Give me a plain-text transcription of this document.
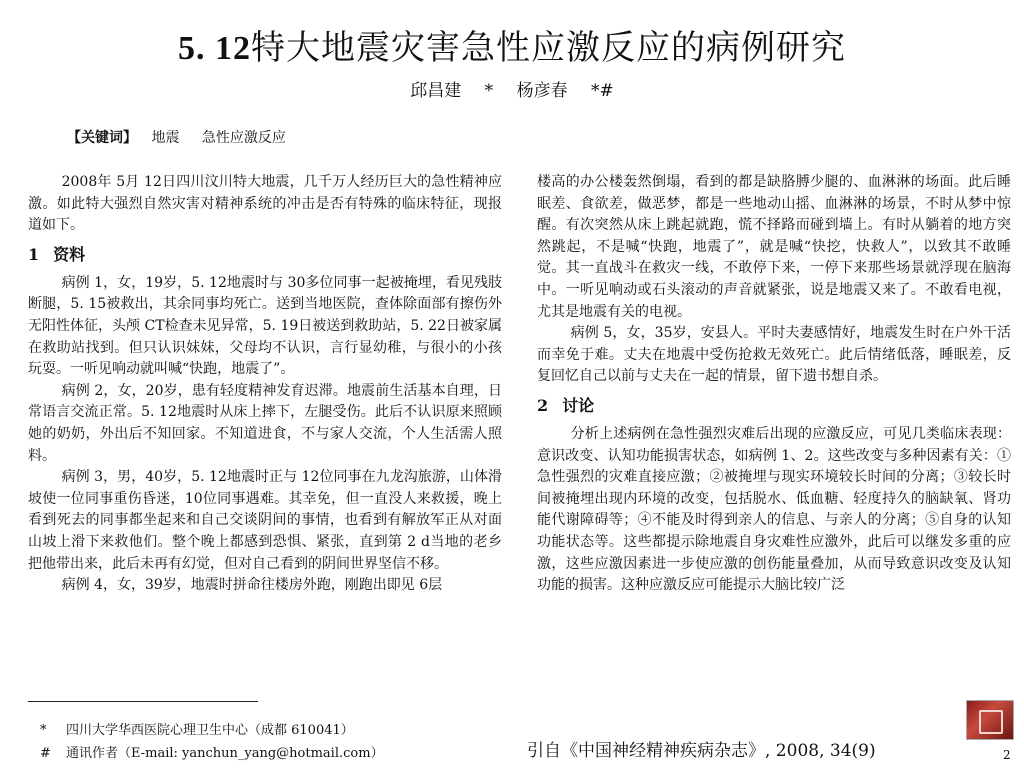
5. 12特大地震灾害急性应激反应的病例研究
邱昌建 * 杨彦春 *#
【关键词】 地震 急性应激反应

2008年 5月 12日四川汶川特大地震，几千万人经历巨大的急性精神应激。如此特大强烈自然灾害对精神系统的冲击是否有特殊的临床特征，现报道如下。

1 资料

病例 1，女，19岁，5. 12地震时与 30多位同事一起被掩埋，看见残肢断腿，5. 15被救出，其余同事均死亡。送到当地医院，查体除面部有擦伤外无阳性体征，头颅 CT检查未见异常，5. 19日被送到救助站，5. 22日被家属在救助站找到。但只认识妹妹，父母均不认识，言行显幼稚，与很小的小孩玩耍。一听见响动就叫喊“快跑，地震了”。

病例 2，女，20岁，患有轻度精神发育迟滞。地震前生活基本自理，日常语言交流正常。5. 12地震时从床上摔下，左腿受伤。此后不认识原来照顾她的奶奶，外出后不知回家。不知道进食，不与家人交流，个人生活需人照料。

病例 3，男，40岁，5. 12地震时正与 12位同事在九龙沟旅游，山体滑坡使一位同事重伤昏迷，10位同事遇难。其幸免，但一直没人来救援，晚上看到死去的同事都坐起来和自己交谈阴间的事情，也看到有解放军正从对面山坡上滑下来救他们。整个晚上都感到恐惧、紧张，直到第 2 d当地的老乡把他带出来，此后未再有幻觉，但对自己看到的阴间世界坚信不移。

病例 4，女，39岁，地震时拼命往楼房外跑，刚跑出即见 6层

楼高的办公楼轰然倒塌，看到的都是缺胳膊少腿的、血淋淋的场面。此后睡眠差、食欲差，做恶梦，都是一些地动山摇、血淋淋的场景，不时从梦中惊醒。有次突然从床上跳起就跑，慌不择路而碰到墙上。有时从躺着的地方突然跳起，不是喊“快跑，地震了”，就是喊“快挖，快救人”，以致其不敢睡觉。其一直战斗在救灾一线，不敢停下来，一停下来那些场景就浮现在脑海中。一听见响动或石头滚动的声音就紧张，说是地震又来了。不敢看电视，尤其是地震有关的电视。

病例 5，女，35岁，安县人。平时夫妻感情好，地震发生时在户外干活而幸免于难。丈夫在地震中受伤抢救无效死亡。此后情绪低落，睡眠差，反复回忆自己以前与丈夫在一起的情景，留下遗书想自杀。

2 讨论

分析上述病例在急性强烈灾难后出现的应激反应，可见几类临床表现：意识改变、认知功能损害状态，如病例 1、2。这些改变与多种因素有关：①急性强烈的灾难直接应激；②被掩埋与现实环境较长时间的分离；③较长时间被掩埋出现内环境的改变，包括脱水、低血糖、轻度持久的脑缺氧、肾功能代谢障碍等；④不能及时得到亲人的信息、与亲人的分离；⑤自身的认知功能状态等。这些都提示除地震自身灾难性应激外，此后可以继发多重的应激，这些应激因素进一步使应激的创伤能量叠加，从而导致意识改变及认知功能的损害。这种应激反应可能提示大脑比较广泛

* 四川大学华西医院心理卫生中心（成都 610041）
# 通讯作者（E-mail: yanchun_yang@hotmail.com）	引自《中国神经精神疾病杂志》, 2008, 34(9)	2
